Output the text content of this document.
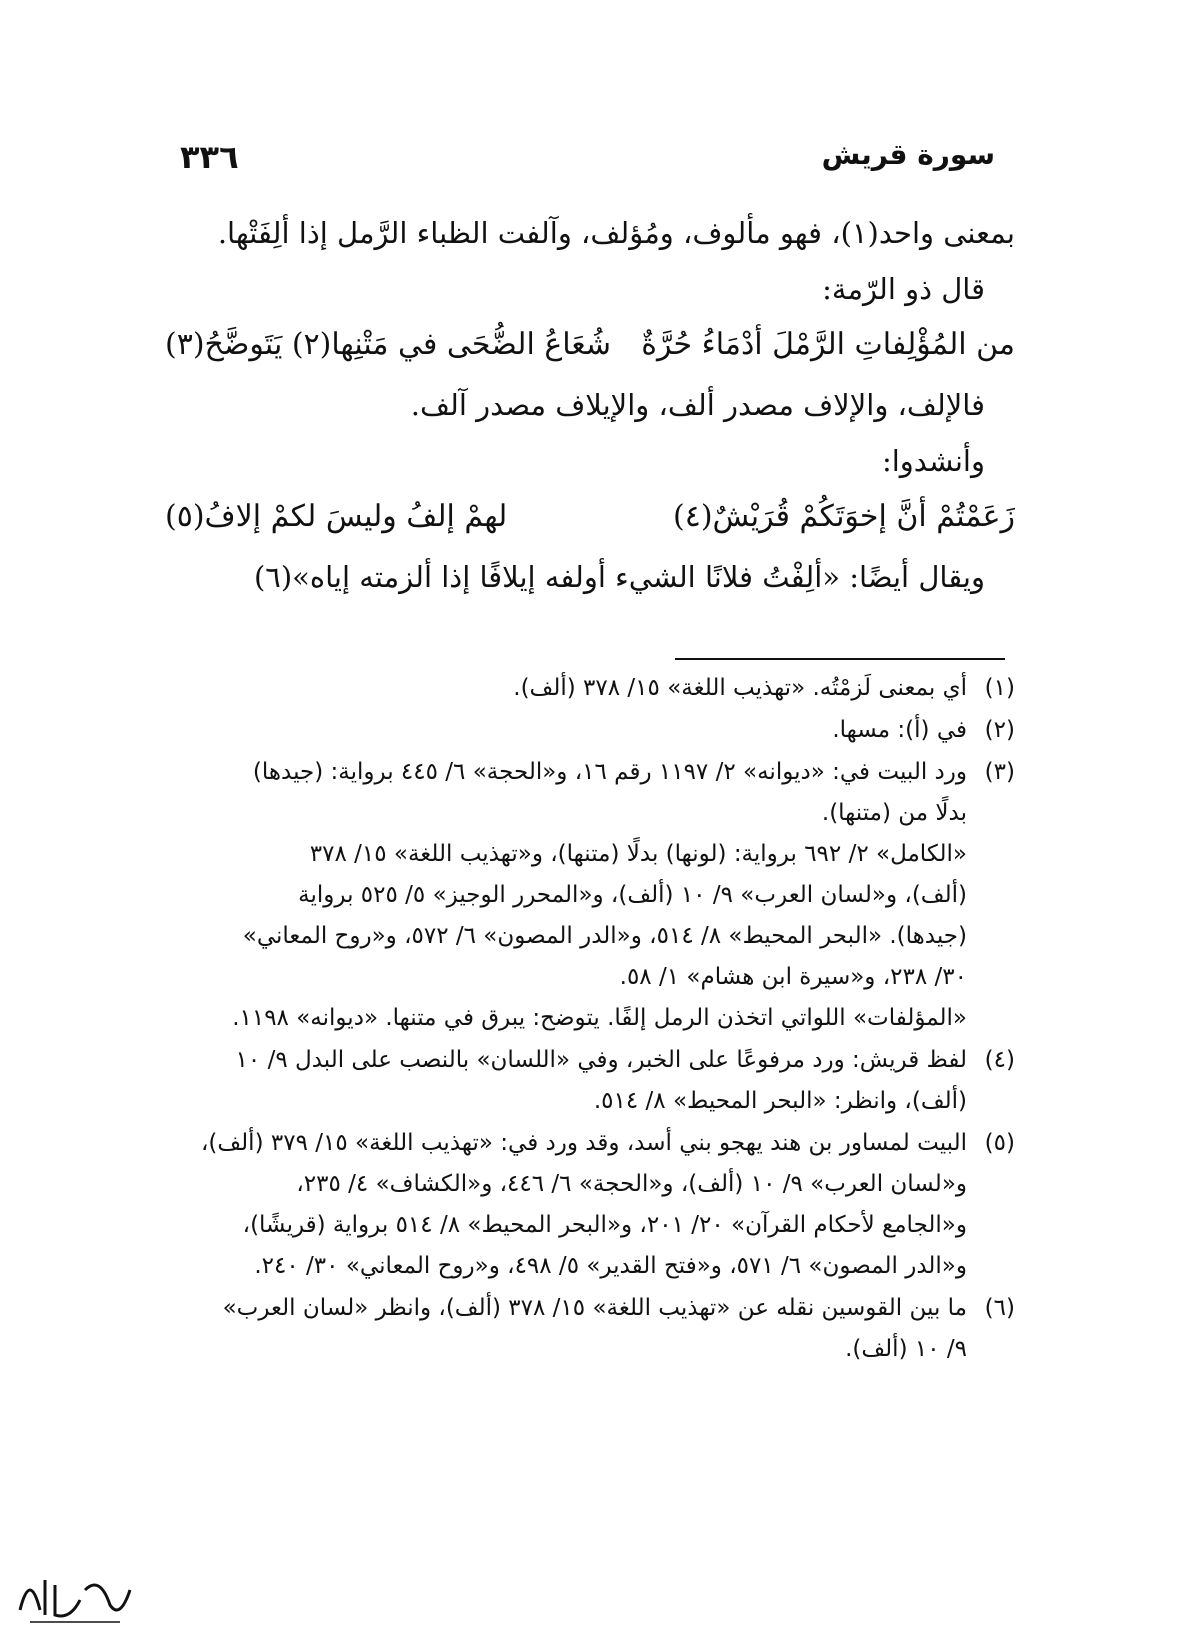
٣٣٦	سورة قريش
بمعنى واحد(١)، فهو مألوف، ومُؤلف، وآلفت الظباء الرَّمل إذا ألِفَتْها.
قال ذو الرّمة:
من المُؤْلِفاتِ الرَّمْلَ أدْمَاءُ حُرَّةٌ
شُعَاعُ الضُّحَى في مَتْنِها(٢) يَتَوضَّحُ(٣)
فالإلف، والإلاف مصدر ألف، والإيلاف مصدر آلف.
وأنشدوا:
زَعَمْتُمْ أنَّ إخوَتَكُمْ قُرَيْشٌ(٤)
لهمْ إلفُ وليسَ لكمْ إلافُ(٥)
ويقال أيضًا: «ألِفْتُ فلانًا الشيء أولفه إيلافًا إذا ألزمته إياه»(٦)
(١)
أي بمعنى لَزمْتُه. «تهذيب اللغة» ١٥/ ٣٧٨ (ألف).
(٢)
في (أ): مسها.
(٣)
ورد البيت في: «ديوانه» ٢/ ١١٩٧ رقم ١٦، و«الحجة» ٦/ ٤٤٥ برواية: (جيدها)
بدلًا من (متنها).
«الكامل» ٢/ ٦٩٢ برواية: (لونها) بدلًا (متنها)، و«تهذيب اللغة» ١٥/ ٣٧٨
(ألف)، و«لسان العرب» ٩/ ١٠ (ألف)، و«المحرر الوجيز» ٥/ ٥٢٥ برواية
(جيدها). «البحر المحيط» ٨/ ٥١٤، و«الدر المصون» ٦/ ٥٧٢، و«روح المعاني»
٣٠/ ٢٣٨، و«سيرة ابن هشام» ١/ ٥٨.
«المؤلفات» اللواتي اتخذن الرمل إلفًا. يتوضح: يبرق في متنها. «ديوانه» ١١٩٨.
(٤)
لفظ قريش: ورد مرفوعًا على الخبر، وفي «اللسان» بالنصب على البدل ٩/ ١٠
(ألف)، وانظر: «البحر المحيط» ٨/ ٥١٤.
(٥)
البيت لمساور بن هند يهجو بني أسد، وقد ورد في: «تهذيب اللغة» ١٥/ ٣٧٩ (ألف)،
و«لسان العرب» ٩/ ١٠ (ألف)، و«الحجة» ٦/ ٤٤٦، و«الكشاف» ٤/ ٢٣٥،
و«الجامع لأحكام القرآن» ٢٠/ ٢٠١، و«البحر المحيط» ٨/ ٥١٤ برواية (قريشًا)،
و«الدر المصون» ٦/ ٥٧١، و«فتح القدير» ٥/ ٤٩٨، و«روح المعاني» ٣٠/ ٢٤٠.
(٦)
ما بين القوسين نقله عن «تهذيب اللغة» ١٥/ ٣٧٨ (ألف)، وانظر «لسان العرب»
٩/ ١٠ (ألف).
